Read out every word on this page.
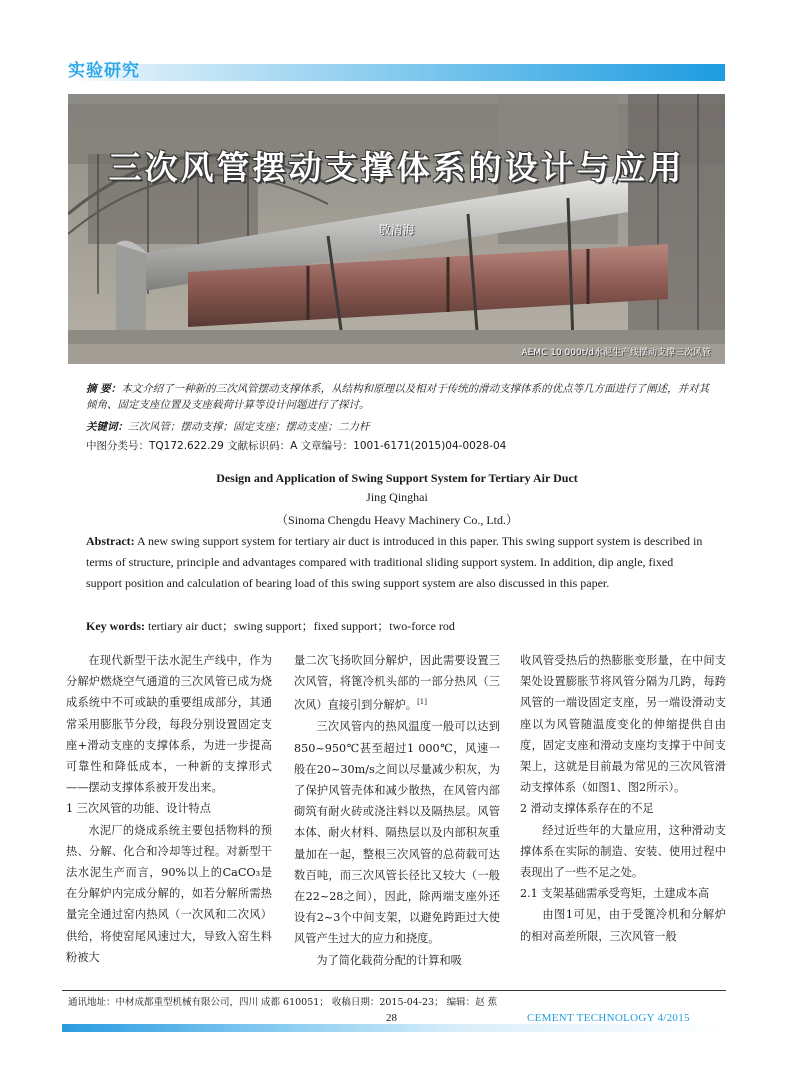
实验研究
三次风管摆动支撑体系的设计与应用
敬清海
AEMC 10 000t/d水泥生产线摆动支撑三次风管
摘 要：本文介绍了一种新的三次风管摆动支撑体系，从结构和原理以及相对于传统的滑动支撑体系的优点等几方面进行了阐述，并对其倾角、固定支座位置及支座载荷计算等设计问题进行了探讨。
关键词：三次风管；摆动支撑；固定支座；摆动支座；二力杆
中图分类号：TQ172.622.29 文献标识码：A 文章编号：1001-6171(2015)04-0028-04
Design and Application of Swing Support System for Tertiary Air Duct
Jing Qinghai
（Sinoma Chengdu Heavy Machinery Co., Ltd.）
Abstract: A new swing support system for tertiary air duct is introduced in this paper. This swing support system is described in terms of structure, principle and advantages compared with traditional sliding support system. In addition, dip angle, fixed support position and calculation of bearing load of this swing support system are also discussed in this paper.
Key words: tertiary air duct；swing support；fixed support；two-force rod

在现代新型干法水泥生产线中，作为分解炉燃烧空气通道的三次风管已成为烧成系统中不可或缺的重要组成部分，其通常采用膨胀节分段，每段分别设置固定支座+滑动支座的支撑体系，为进一步提高可靠性和降低成本，一种新的支撑形式——摆动支撑体系被开发出来。

1 三次风管的功能、设计特点

水泥厂的烧成系统主要包括物料的预热、分解、化合和冷却等过程。对新型干法水泥生产而言，90%以上的CaCO₃是在分解炉内完成分解的，如若分解所需热量完全通过窑内热风（一次风和二次风）供给，将使窑尾风速过大，导致入窑生料粉被大

量二次飞扬吹回分解炉，因此需要设置三次风管，将篦冷机头部的一部分热风（三次风）直接引到分解炉。[1]

三次风管内的热风温度一般可以达到850~950℃甚至超过1 000℃，风速一般在20~30m/s之间以尽量减少积灰，为了保护风管壳体和减少散热，在风管内部砌筑有耐火砖或浇注料以及隔热层。风管本体、耐火材料、隔热层以及内部积灰重量加在一起，整根三次风管的总荷载可达数百吨，而三次风管长径比又较大（一般在22~28之间），因此，除两端支座外还设有2~3个中间支架，以避免跨距过大使风管产生过大的应力和挠度。

为了简化载荷分配的计算和吸

收风管受热后的热膨胀变形量，在中间支架处设置膨胀节将风管分隔为几跨，每跨风管的一端设固定支座，另一端设滑动支座以为风管随温度变化的伸缩提供自由度，固定支座和滑动支座均支撑于中间支架上，这就是目前最为常见的三次风管滑动支撑体系（如图1、图2所示）。

2 滑动支撑体系存在的不足

经过近些年的大量应用，这种滑动支撑体系在实际的制造、安装、使用过程中表现出了一些不足之处。

2.1 支架基础需承受弯矩，土建成本高

由图1可见，由于受篦冷机和分解炉的相对高差所限，三次风管一般

通讯地址：中材成都重型机械有限公司，四川 成都 610051； 收稿日期：2015-04-23； 编辑：赵 蕉
28	CEMENT TECHNOLOGY 4/2015
